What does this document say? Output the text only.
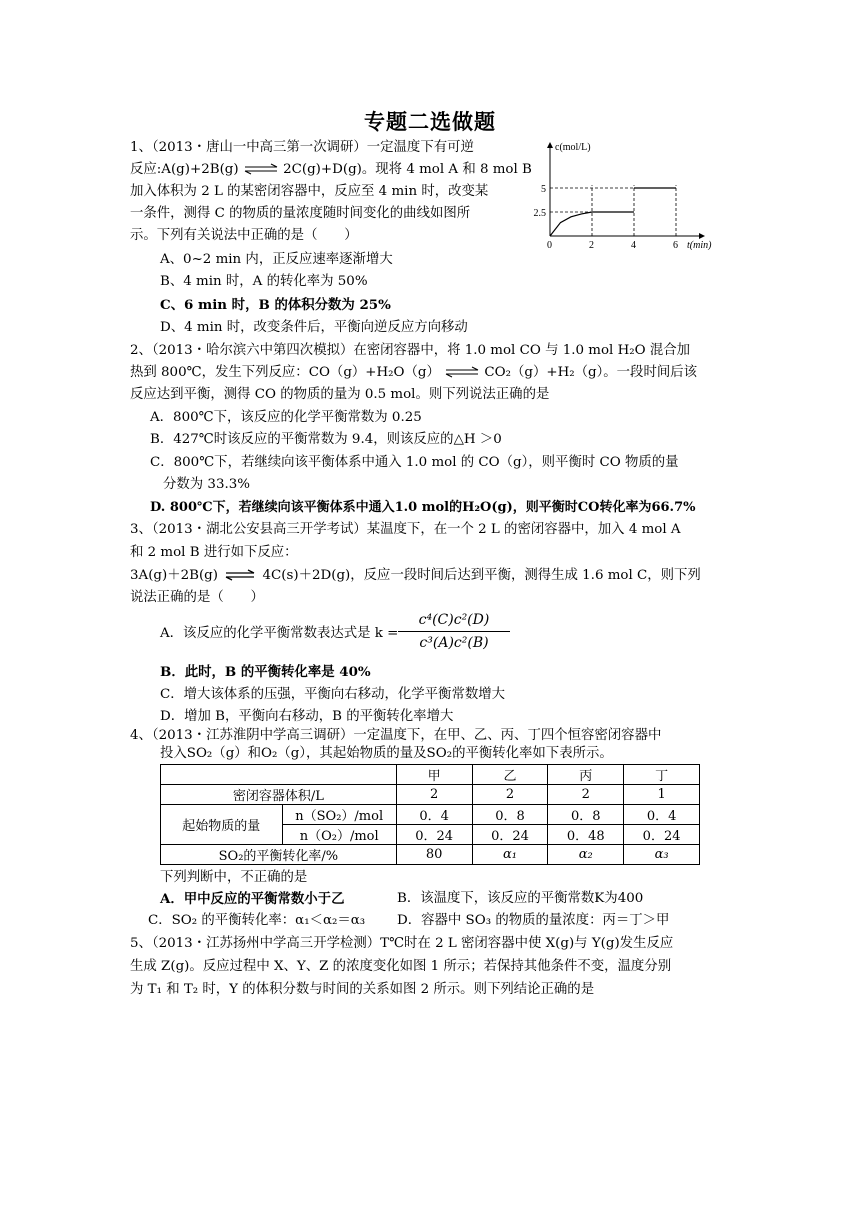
专题二选做题
1、（2013・唐山一中高三第一次调研）一定温度下有可逆
反应:A(g)+2B(g) ⇌ 2C(g)+D(g)。现将 4 mol A 和 8 mol B
加入体积为 2 L 的某密闭容器中，反应至 4 min 时，改变某
一条件，测得 C 的物质的量浓度随时间变化的曲线如图所
示。下列有关说法中正确的是（　　）
A、0~2 min 内，正反应速率逐渐增大
B、4 min 时，A 的转化率为 50%
C、6 min 时，B 的体积分数为 25%
D、4 min 时，改变条件后，平衡向逆反应方向移动
c(mol/L)
t(min)
0	2	4	6
2.5
5
2、（2013・哈尔滨六中第四次模拟）在密闭容器中，将 1.0 mol CO 与 1.0 mol H₂O 混合加
热到 800℃，发生下列反应：CO（g）+H₂O（g） ⇌ CO₂（g）+H₂（g）。一段时间后该
反应达到平衡，测得 CO 的物质的量为 0.5 mol。则下列说法正确的是
A．800℃下，该反应的化学平衡常数为 0.25
B．427℃时该反应的平衡常数为 9.4，则该反应的△H ＞0
C．800℃下，若继续向该平衡体系中通入 1.0 mol 的 CO（g），则平衡时 CO 物质的量
分数为 33.3%
D. 800℃下，若继续向该平衡体系中通入1.0 mol的H₂O(g)，则平衡时CO转化率为66.7%
3、（2013・湖北公安县高三开学考试）某温度下，在一个 2 L 的密闭容器中，加入 4 mol A
和 2 mol B 进行如下反应：
3A(g)＋2B(g) ⇌ 4C(s)＋2D(g)，反应一段时间后达到平衡，测得生成 1.6 mol C，则下列
说法正确的是（　　）
A．该反应的化学平衡常数表达式是 $k = \frac{\text{c⁴(C)c²(D)}}{\text{c³(A)c²(B)}}$
B．此时，B 的平衡转化率是 40%
C．增大该体系的压强，平衡向右移动，化学平衡常数增大
D．增加 B，平衡向右移动，B 的平衡转化率增大
4、（2013・江苏淮阴中学高三调研）一定温度下，在甲、乙、丙、丁四个恒容密闭容器中
投入SO₂（g）和O₂（g），其起始物质的量及SO₂的平衡转化率如下表所示。
		甲	乙	丙	丁
密闭容器体积/L		2	2	2	1
起始物质的量	n（SO₂）/mol	0．4	0．8	0．8	0．4
	n（O₂）/mol	0．24	0．24	0．48	0．24
SO₂的平衡转化率/%		80	α₁	α₂	α₃
下列判断中，不正确的是
A．甲中反应的平衡常数小于乙	B．该温度下，该反应的平衡常数K为400
C．SO₂ 的平衡转化率：α₁＜α₂＝α₃ D．容器中 SO₃ 的物质的量浓度：丙＝丁＞甲
5、（2013・江苏扬州中学高三开学检测）T℃时在 2 L 密闭容器中使 X(g)与 Y(g)发生反应
生成 Z(g)。反应过程中 X、Y、Z 的浓度变化如图 1 所示；若保持其他条件不变，温度分别
为 T₁ 和 T₂ 时，Y 的体积分数与时间的关系如图 2 所示。则下列结论正确的是
